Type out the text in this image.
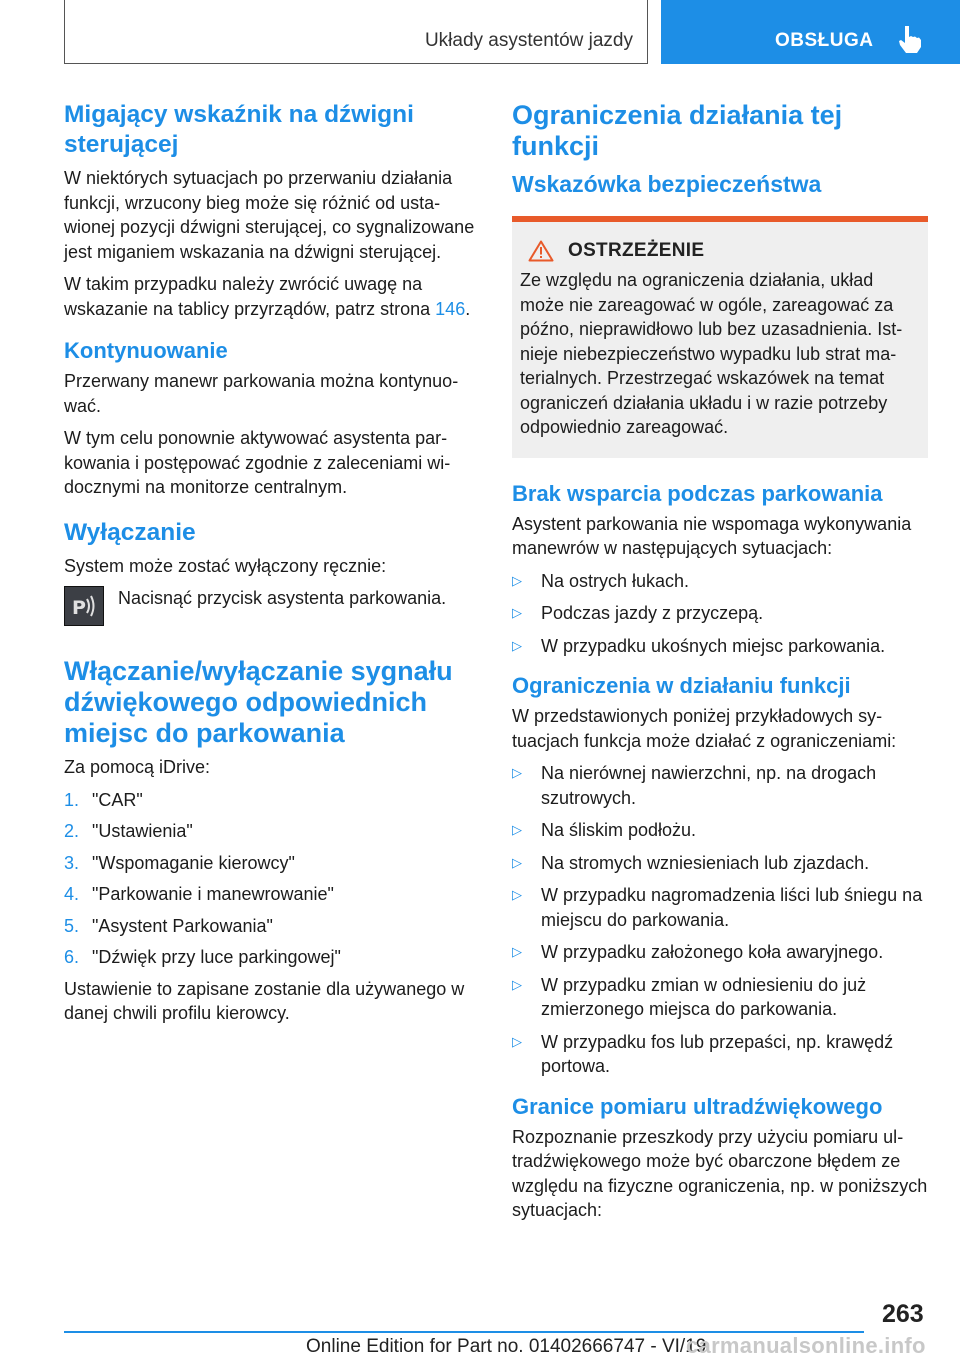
Układy asystentów jazdy	OBSŁUGA
Migający wskaźnik na dźwigni sterującej

W niektórych sytuacjach po przerwaniu działania funkcji, wrzucony bieg może się różnić od ustawionej pozycji dźwigni sterującej, co sygnalizowane jest miganiem wskazania na dźwigni sterującej.

W takim przypadku należy zwrócić uwagę na wskazanie na tablicy przyrządów, patrz strona 146.

Kontynuowanie

Przerwany manewr parkowania można kontynuować.

W tym celu ponownie aktywować asystenta parkowania i postępować zgodnie z zaleceniami widocznymi na monitorze centralnym.

Wyłączanie

System może zostać wyłączony ręcznie:

P Nacisnąć przycisk asystenta parkowania.

Włączanie/wyłączanie sygnału dźwiękowego odpowiednich miejsc do parkowania

Za pomocą iDrive:

1. "CAR"
2. "Ustawienia"
3. "Wspomaganie kierowcy"
4. "Parkowanie i manewrowanie"
5. "Asystent Parkowania"
6. "Dźwięk przy luce parkingowej"

Ustawienie to zapisane zostanie dla używanego w danej chwili profilu kierowcy.

Ograniczenia działania tej funkcji
Wskazówka bezpieczeństwa
OSTRZEŻENIE

Ze względu na ograniczenia działania, układ może nie zareagować w ogóle, zareagować za późno, nieprawidłowo lub bez uzasadnienia. Istnieje niebezpieczeństwo wypadku lub strat materialnych. Przestrzegać wskazówek na temat ograniczeń działania układu i w razie potrzeby odpowiednio zareagować.

Brak wsparcia podczas parkowania

Asystent parkowania nie wspomaga wykonywania manewrów w następujących sytuacjach:

▷	Na ostrych łukach.
▷	Podczas jazdy z przyczepą.
▷	W przypadku ukośnych miejsc parkowania.
Ograniczenia w działaniu funkcji

W przedstawionych poniżej przykładowych sytuacjach funkcja może działać z ograniczeniami:

▷	Na nierównej nawierzchni, np. na drogach szutrowych.
▷	Na śliskim podłożu.
▷	Na stromych wzniesieniach lub zjazdach.
▷	W przypadku nagromadzenia liści lub śniegu na miejscu do parkowania.
▷	W przypadku założonego koła awaryjnego.
▷	W przypadku zmian w odniesieniu do już zmierzonego miejsca do parkowania.
▷	W przypadku fos lub przepaści, np. krawędź portowa.
Granice pomiaru ultradźwiękowego

Rozpoznanie przeszkody przy użyciu pomiaru ultradźwiękowego może być obarczone błędem ze względu na fizyczne ograniczenia, np. w poniższych sytuacjach:

263
Online Edition for Part no. 01402666747 - VI/19
carmanualsonline.info
